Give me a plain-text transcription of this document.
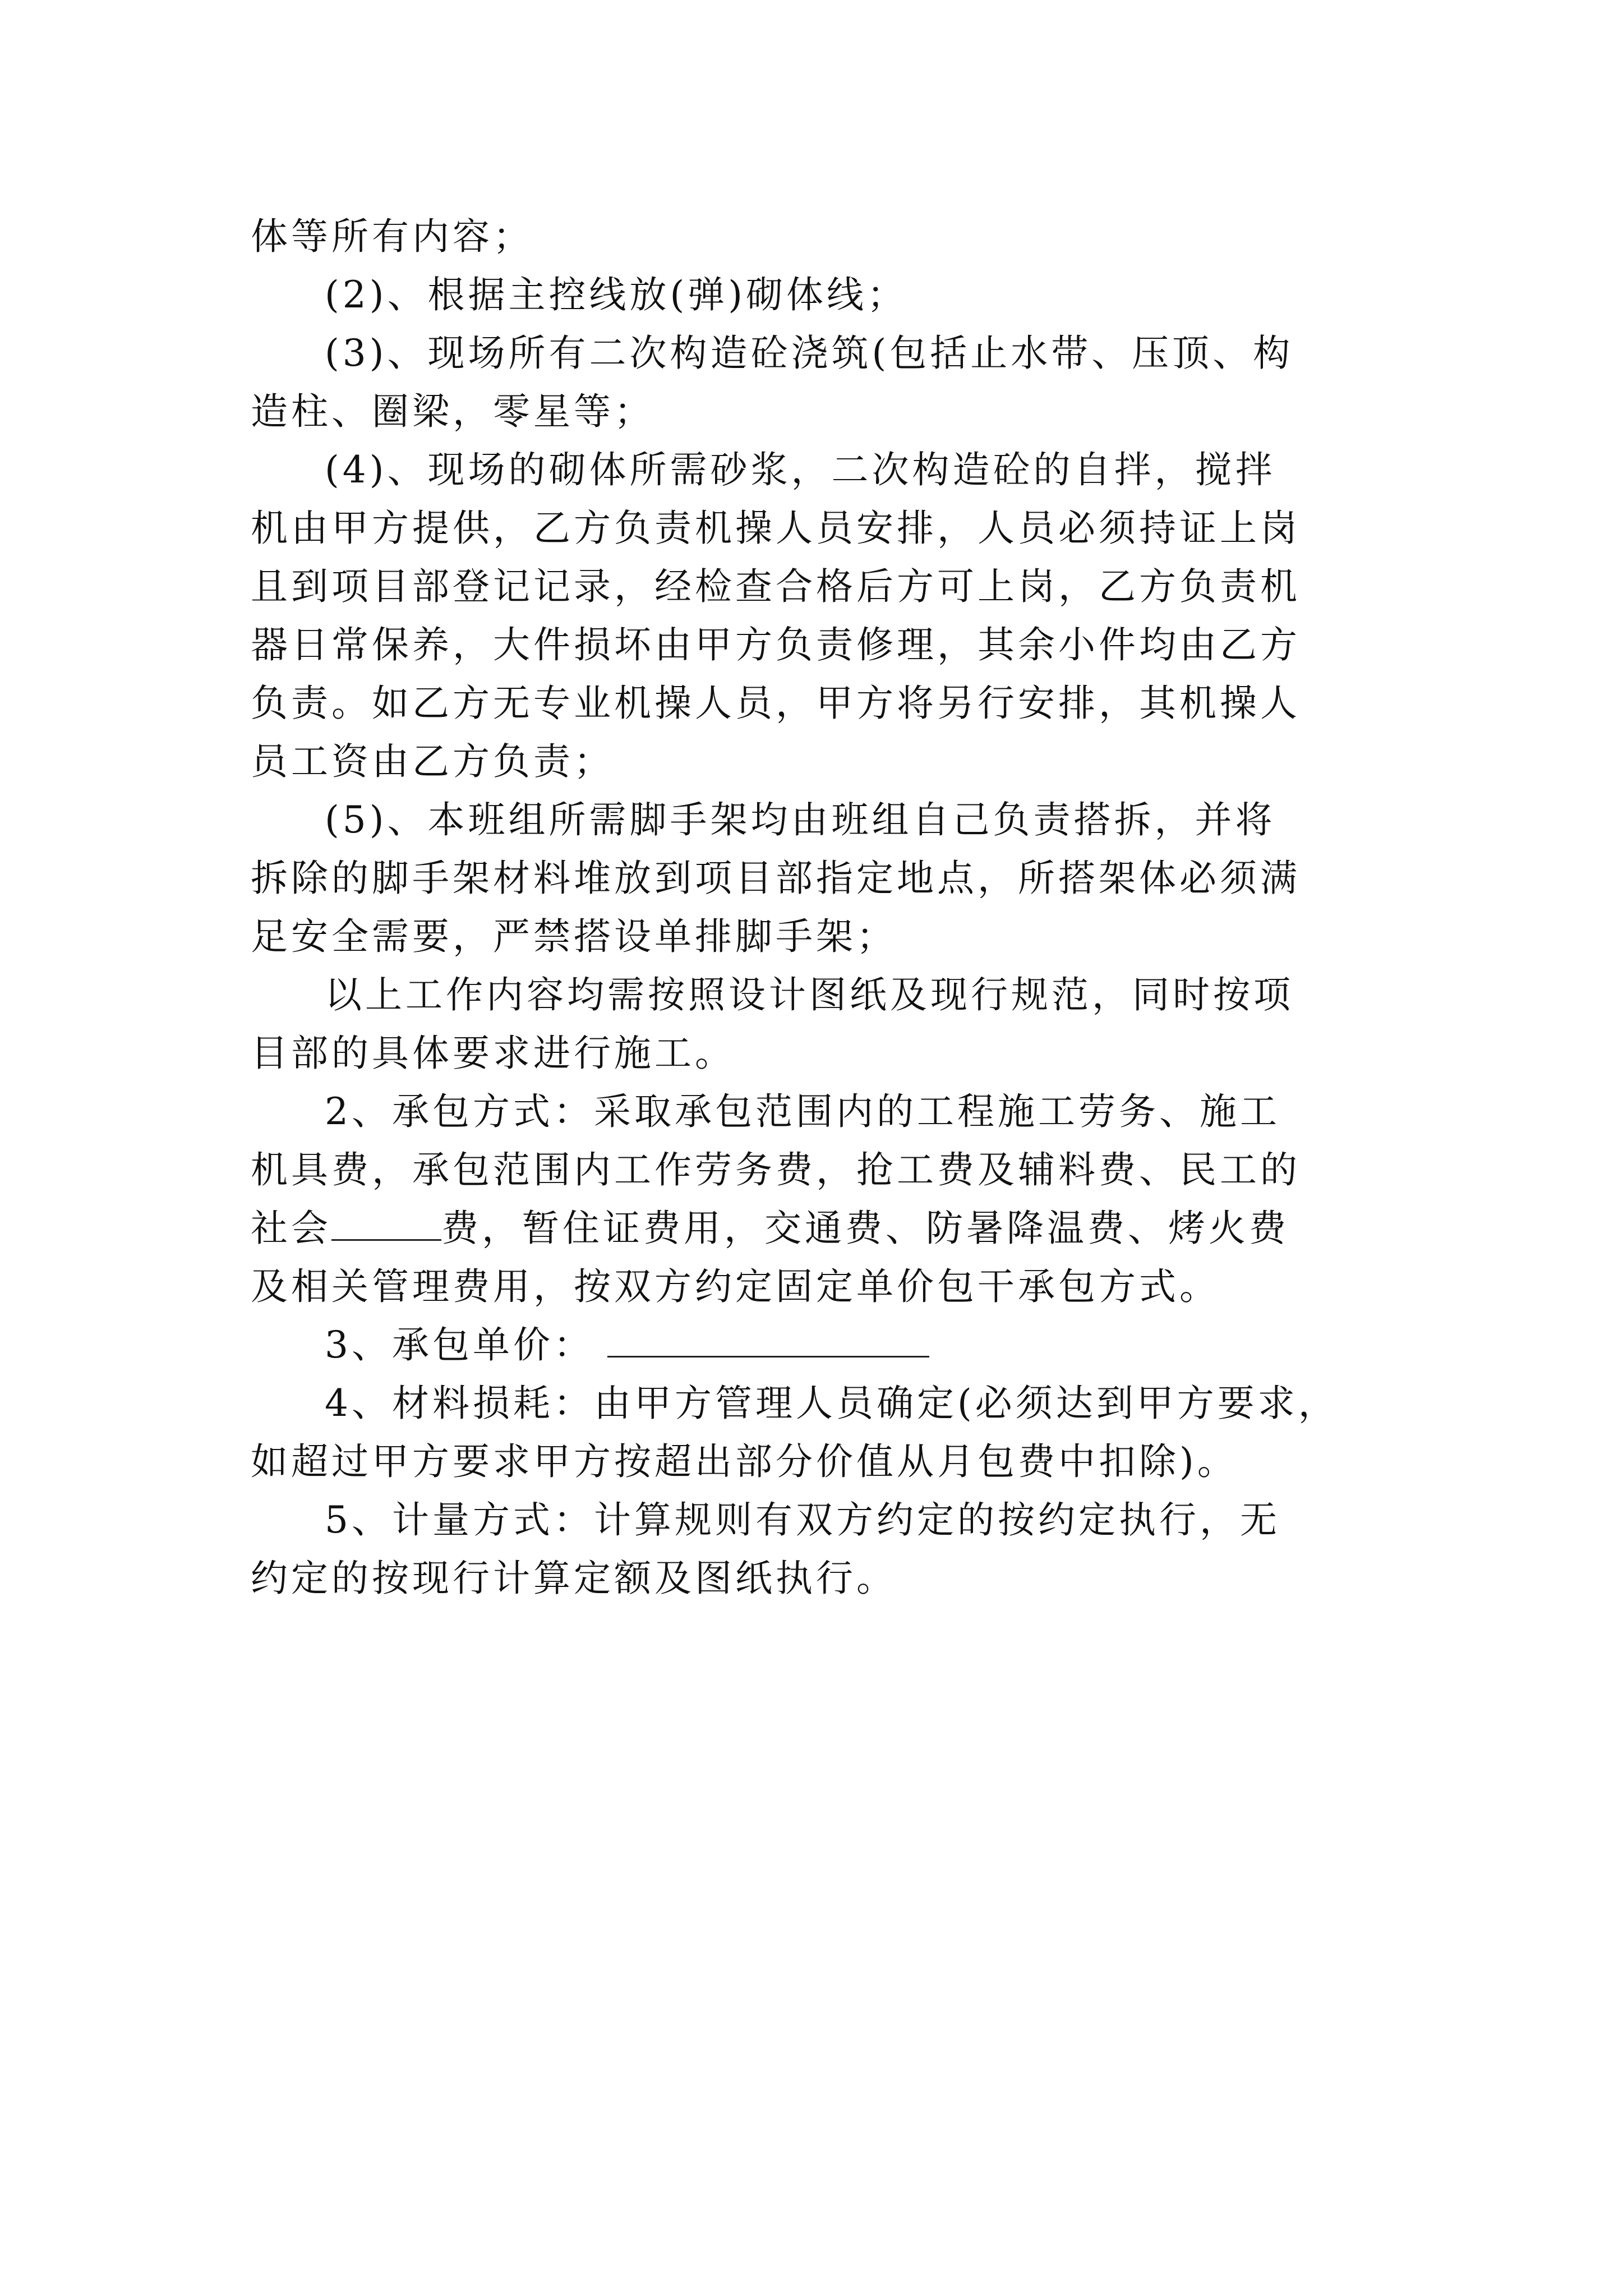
体等所有内容；

(2)、根据主控线放(弹)砌体线；

(3)、现场所有二次构造砼浇筑(包括止水带、压顶、构
造柱、圈梁，零星等；

(4)、现场的砌体所需砂浆，二次构造砼的自拌，搅拌
机由甲方提供，乙方负责机操人员安排，人员必须持证上岗
且到项目部登记记录，经检查合格后方可上岗，乙方负责机
器日常保养，大件损坏由甲方负责修理，其余小件均由乙方
负责。如乙方无专业机操人员，甲方将另行安排，其机操人
员工资由乙方负责；

(5)、本班组所需脚手架均由班组自己负责搭拆，并将
拆除的脚手架材料堆放到项目部指定地点，所搭架体必须满
足安全需要，严禁搭设单排脚手架；

以上工作内容均需按照设计图纸及现行规范，同时按项
目部的具体要求进行施工。

2、承包方式：采取承包范围内的工程施工劳务、施工
机具费，承包范围内工作劳务费，抢工费及辅料费、民工的
社会	费，暂住证费用，交通费、防暑降温费、烤火费
及相关管理费用，按双方约定固定单价包干承包方式。

3、承包单价：

4、材料损耗：由甲方管理人员确定(必须达到甲方要求，
如超过甲方要求甲方按超出部分价值从月包费中扣除)。

5、计量方式：计算规则有双方约定的按约定执行，无
约定的按现行计算定额及图纸执行。
